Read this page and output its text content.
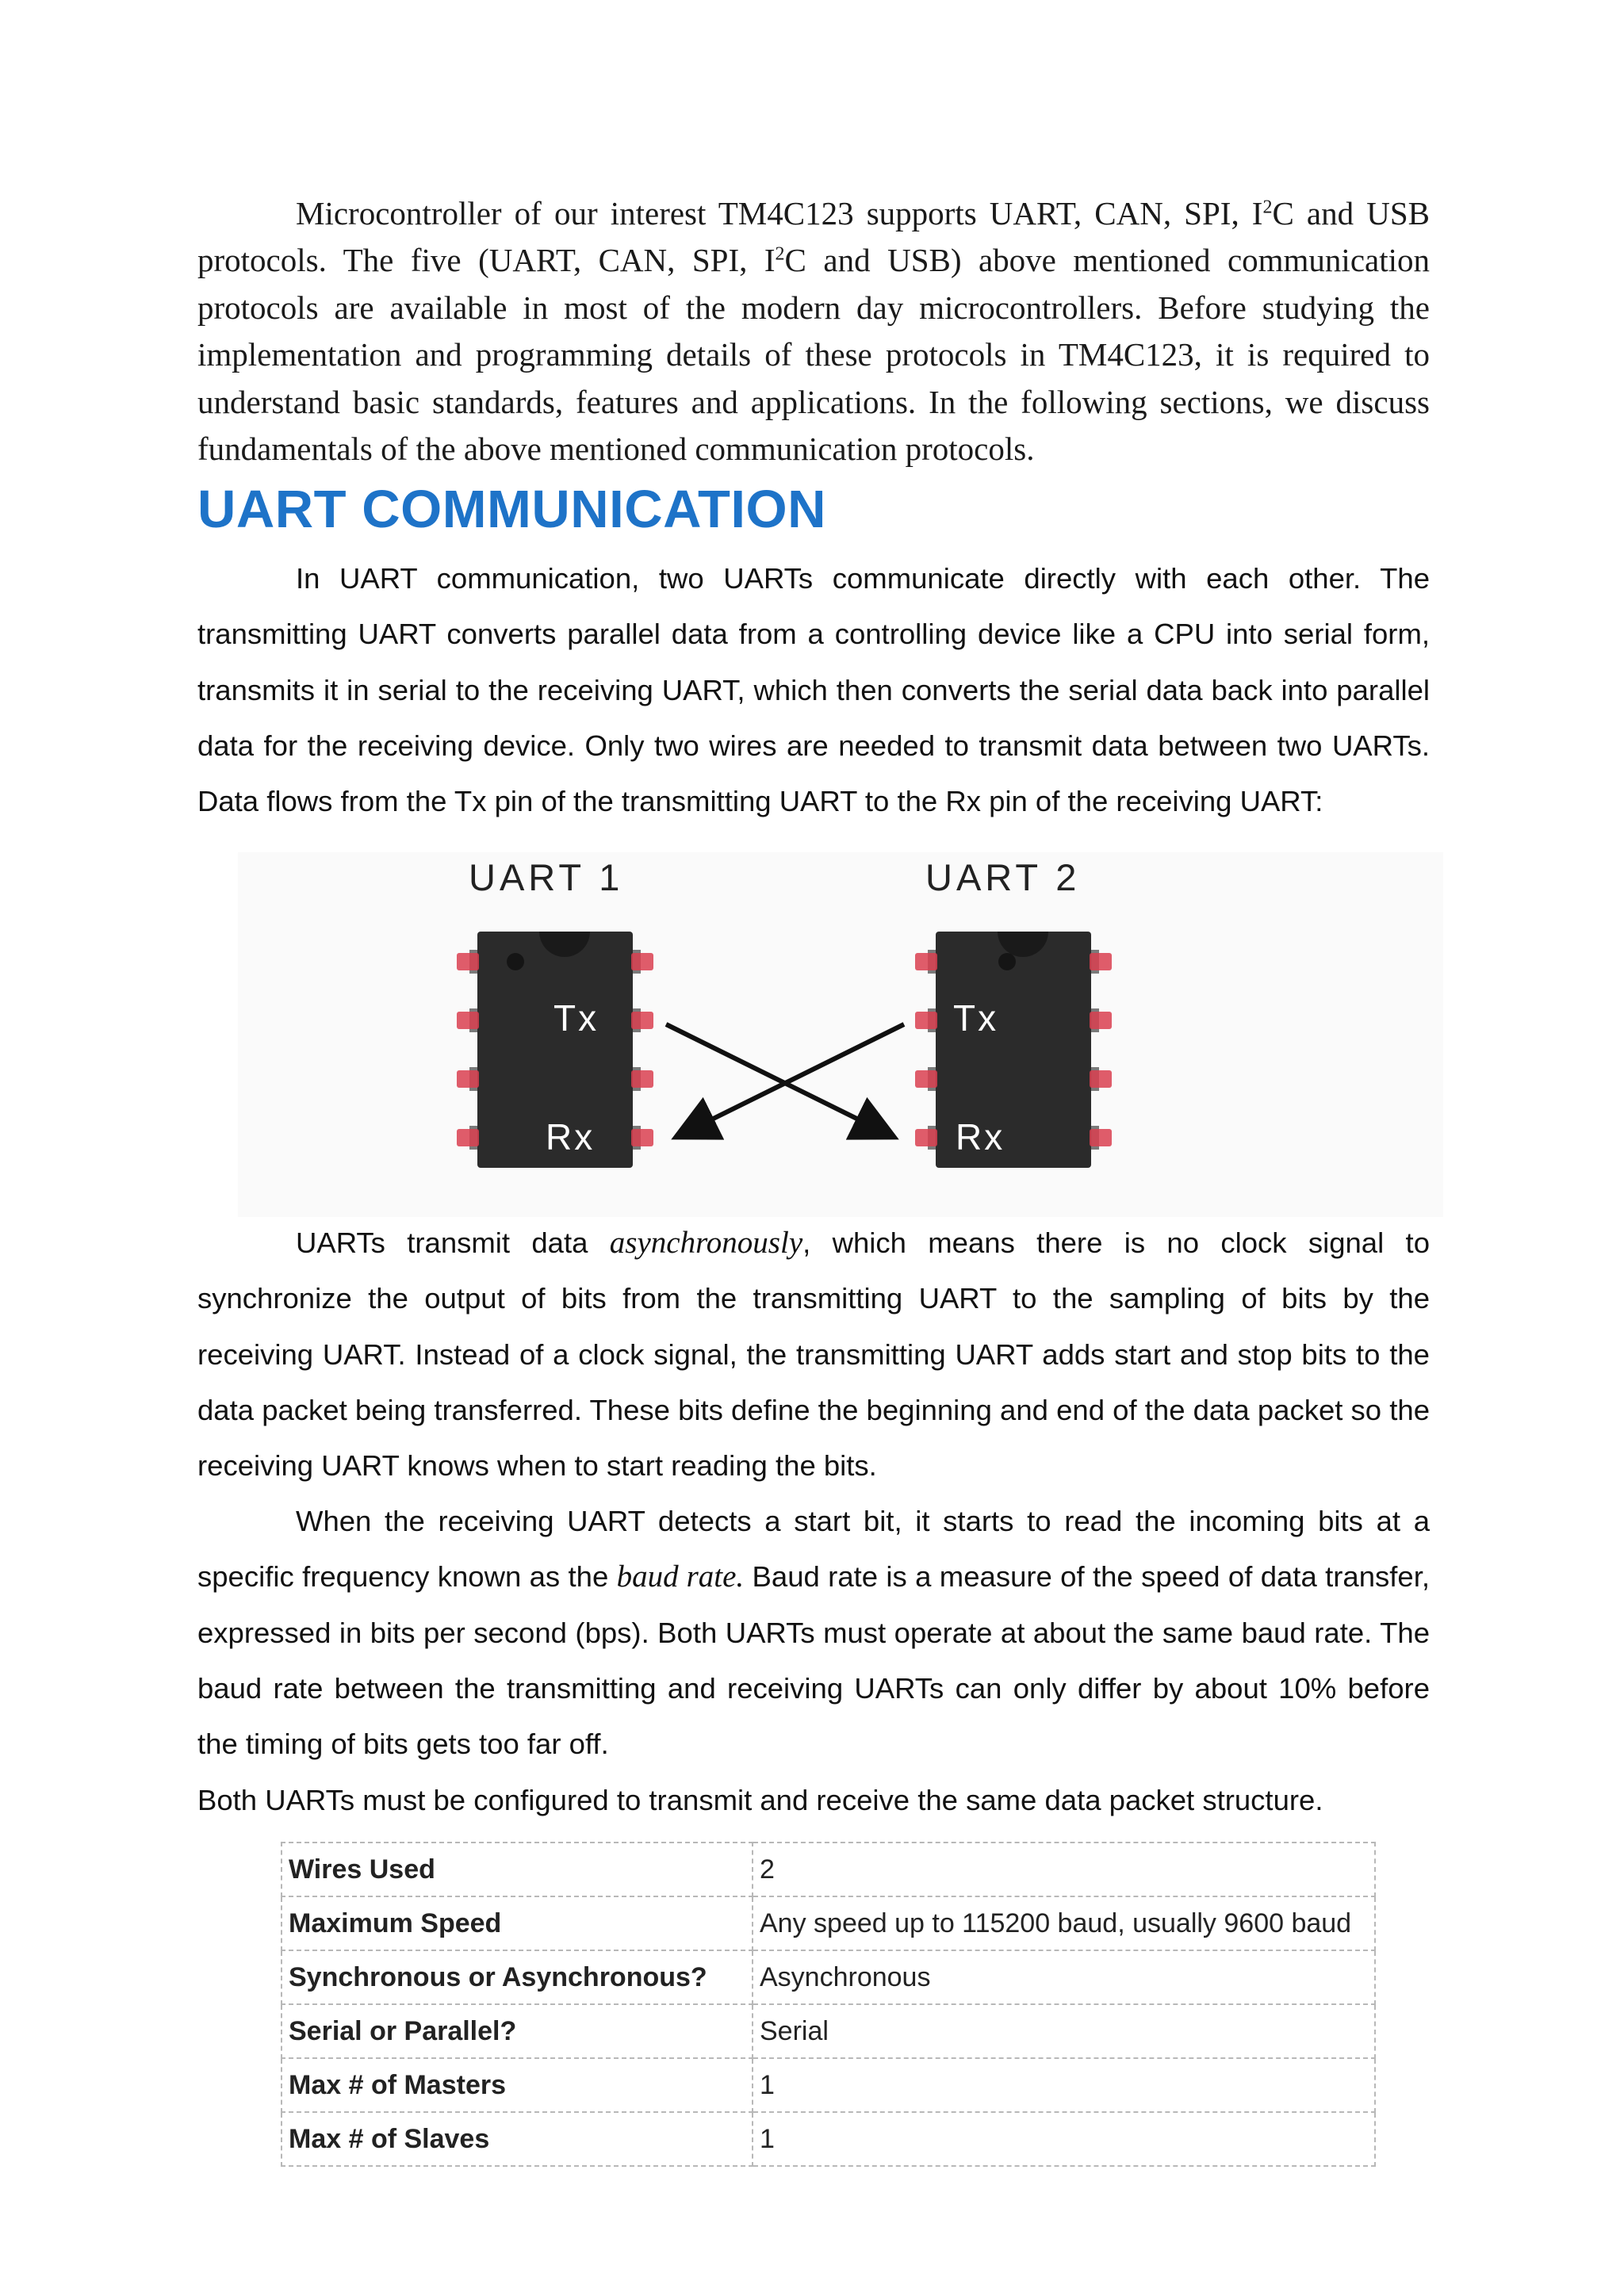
Microcontroller of our interest TM4C123 supports UART, CAN, SPI, $I^2C$ and USB protocols. The five (UART, CAN, SPI, $I^2C$ and USB) above mentioned communication protocols are available in most of the modern day microcontrollers. Before studying the implementation and programming details of these protocols in TM4C123, it is required to understand basic standards, features and applications. In the following sections, we discuss fundamentals of the above mentioned communication protocols.

UART COMMUNICATION

In UART communication, two UARTs communicate directly with each other. The transmitting UART converts parallel data from a controlling device like a CPU into serial form, transmits it in serial to the receiving UART, which then converts the serial data back into parallel data for the receiving device. Only two wires are needed to transmit data between two UARTs. Data flows from the Tx pin of the transmitting UART to the Rx pin of the receiving UART:

UART 1
Tx
Rx
UART 2
Tx
Rx

UARTs transmit data asynchronously, which means there is no clock signal to synchronize the output of bits from the transmitting UART to the sampling of bits by the receiving UART. Instead of a clock signal, the transmitting UART adds start and stop bits to the data packet being transferred. These bits define the beginning and end of the data packet so the receiving UART knows when to start reading the bits.

When the receiving UART detects a start bit, it starts to read the incoming bits at a specific frequency known as the baud rate. Baud rate is a measure of the speed of data transfer, expressed in bits per second (bps). Both UARTs must operate at about the same baud rate. The baud rate between the transmitting and receiving UARTs can only differ by about 10% before the timing of bits gets too far off.

Both UARTs must be configured to transmit and receive the same data packet structure.

Wires Used	2
Maximum Speed	Any speed up to 115200 baud, usually 9600 baud
Synchronous or Asynchronous?	Asynchronous
Serial or Parallel?	Serial
Max # of Masters	1
Max # of Slaves	1
